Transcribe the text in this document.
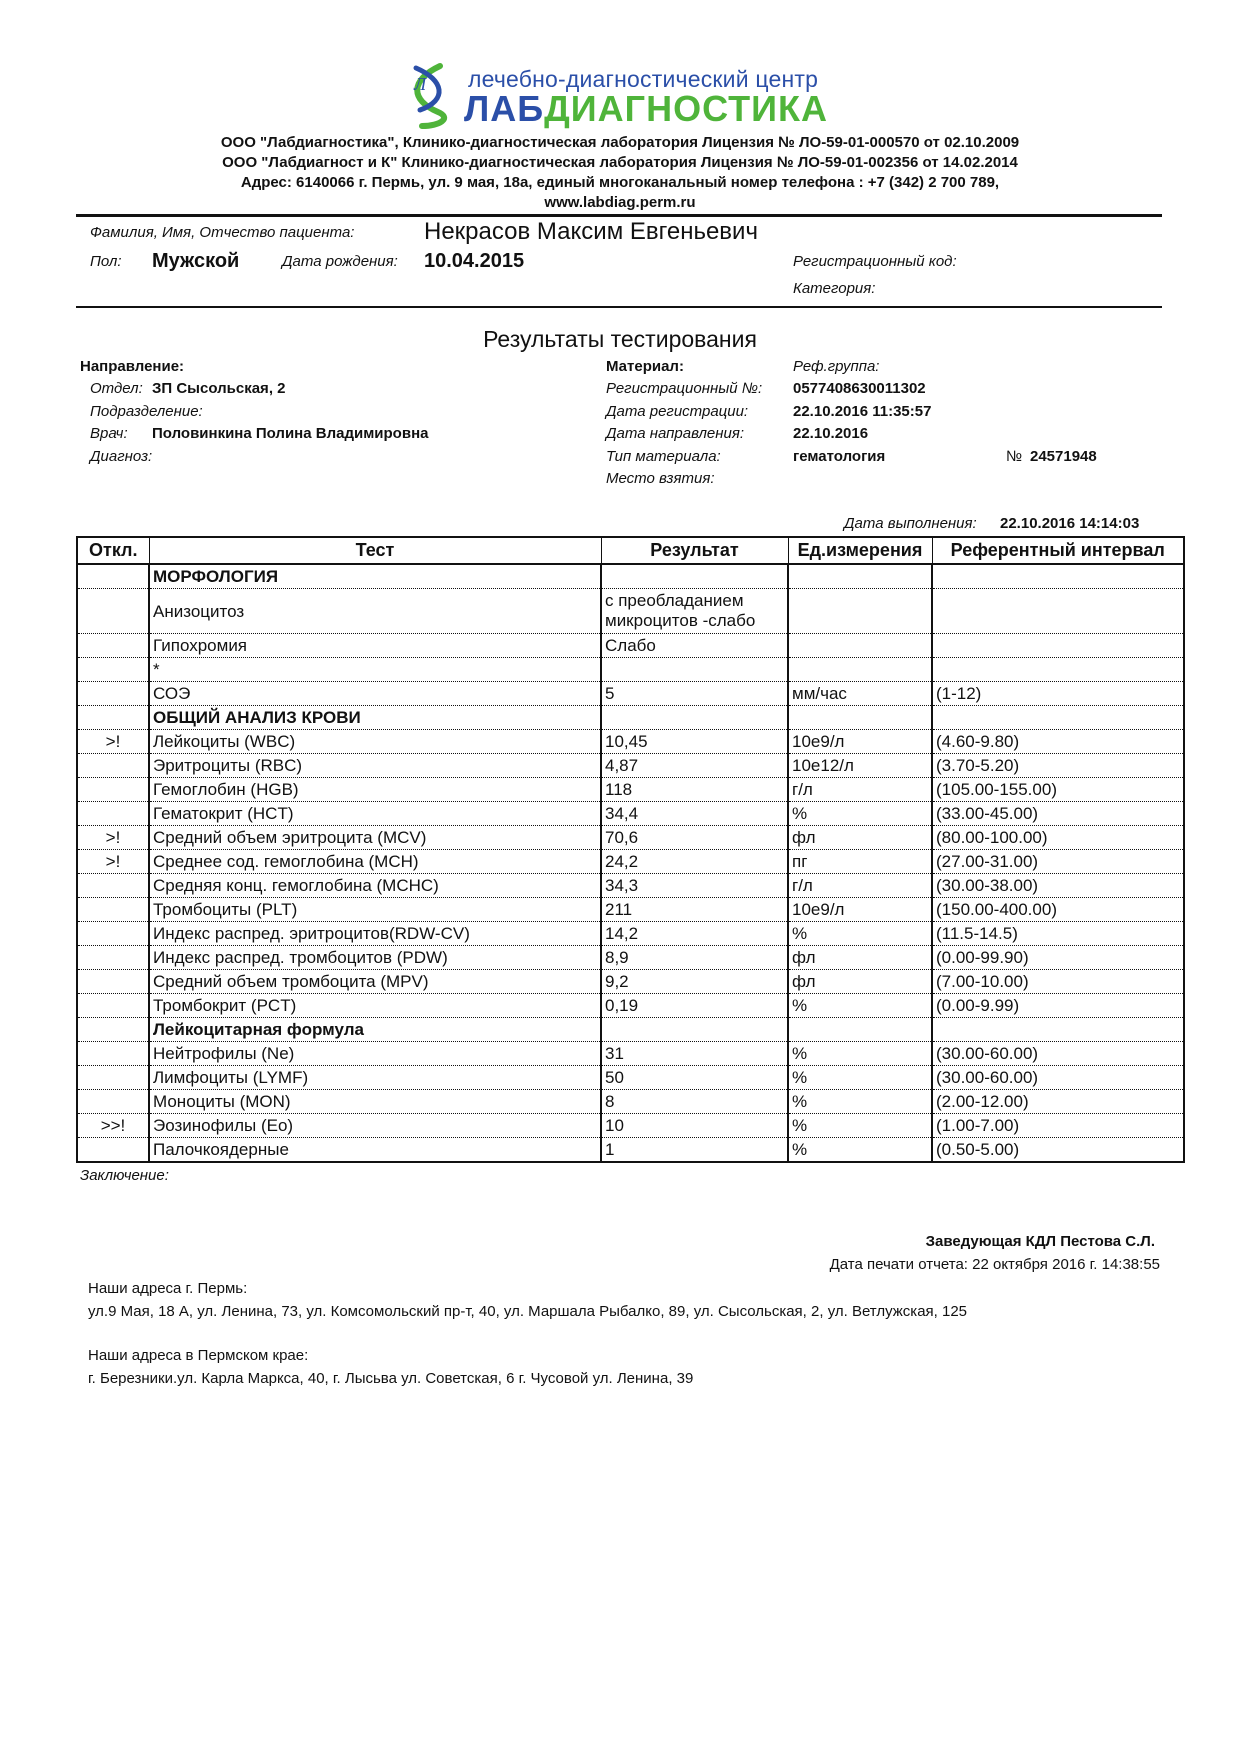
Л лечебно-диагностический центр
ЛАБДИАГНОСТИКА
ООО "Лабдиагностика", Клинико-диагностическая лаборатория Лицензия № ЛО-59-01-000570 от 02.10.2009
ООО "Лабдиагност и К" Клинико-диагностическая лаборатория Лицензия № ЛО-59-01-002356 от 14.02.2014
Адрес: 6140066 г. Пермь, ул. 9 мая, 18а, единый многоканальный номер телефона : +7 (342) 2 700 789,
www.labdiag.perm.ru
Фамилия, Имя, Отчество пациента:	Некрасов Максим Евгеньевич
Пол: Мужской	Дата рождения: 10.04.2015	Регистрационный код:
Категория:
Результаты тестирования
Направление:
Отдел: ЗП Сысольская, 2
Подразделение:
Врач: Половинкина Полина Владимировна
Диагноз:
Материал:	Реф.группа:
Регистрационный №: 0577408630011302
Дата регистрации:	22.10.2016 11:35:57
Дата направления:	22.10.2016
Тип материала:	гематология	№ 24571948
Место взятия:
Дата выполнения: 22.10.2016 14:14:03
Откл.	Тест	Результат	Ед.измерения	Референтный интервал
	МОРФОЛОГИЯ			
	Анизоцитоз	с преобладанием микроцитов -слабо		
	Гипохромия	Слабо		
	*			
	СОЭ	5	мм/час	(1-12)
	ОБЩИЙ АНАЛИЗ КРОВИ			
>!	Лейкоциты (WBC)	10,45	10е9/л	(4.60-9.80)
	Эритроциты (RBC)	4,87	10е12/л	(3.70-5.20)
	Гемоглобин (HGB)	118	г/л	(105.00-155.00)
	Гематокрит (HCT)	34,4	%	(33.00-45.00)
>!	Средний объем эритроцита (MCV)	70,6	фл	(80.00-100.00)
>!	Среднее сод. гемоглобина (MCH)	24,2	пг	(27.00-31.00)
	Средняя конц. гемоглобина (MCHC)	34,3	г/л	(30.00-38.00)
	Тромбоциты (PLT)	211	10е9/л	(150.00-400.00)
	Индекс распред. эритроцитов(RDW-CV)	14,2	%	(11.5-14.5)
	Индекс распред. тромбоцитов (PDW)	8,9	фл	(0.00-99.90)
	Средний объем тромбоцита (MPV)	9,2	фл	(7.00-10.00)
	Тромбокрит (PCT)	0,19	%	(0.00-9.99)
	Лейкоцитарная формула			
	Нейтрофилы (Ne)	31	%	(30.00-60.00)
	Лимфоциты (LYMF)	50	%	(30.00-60.00)
	Моноциты (MON)	8	%	(2.00-12.00)
>>!	Эозинофилы (Eo)	10	%	(1.00-7.00)
	Палочкоядерные	1	%	(0.50-5.00)
Заключение:
Заведующая КДЛ Пестова С.Л.
Дата печати отчета: 22 октября 2016 г. 14:38:55
Наши адреса г. Пермь:
ул.9 Мая, 18 А, ул. Ленина, 73, ул. Комсомольский пр-т, 40, ул. Маршала Рыбалко, 89, ул. Сысольская, 2, ул. Ветлужская, 125
Наши адреса в Пермском крае:
г. Березники.ул. Карла Маркса, 40, г. Лысьва ул. Советская, 6 г. Чусовой ул. Ленина, 39
